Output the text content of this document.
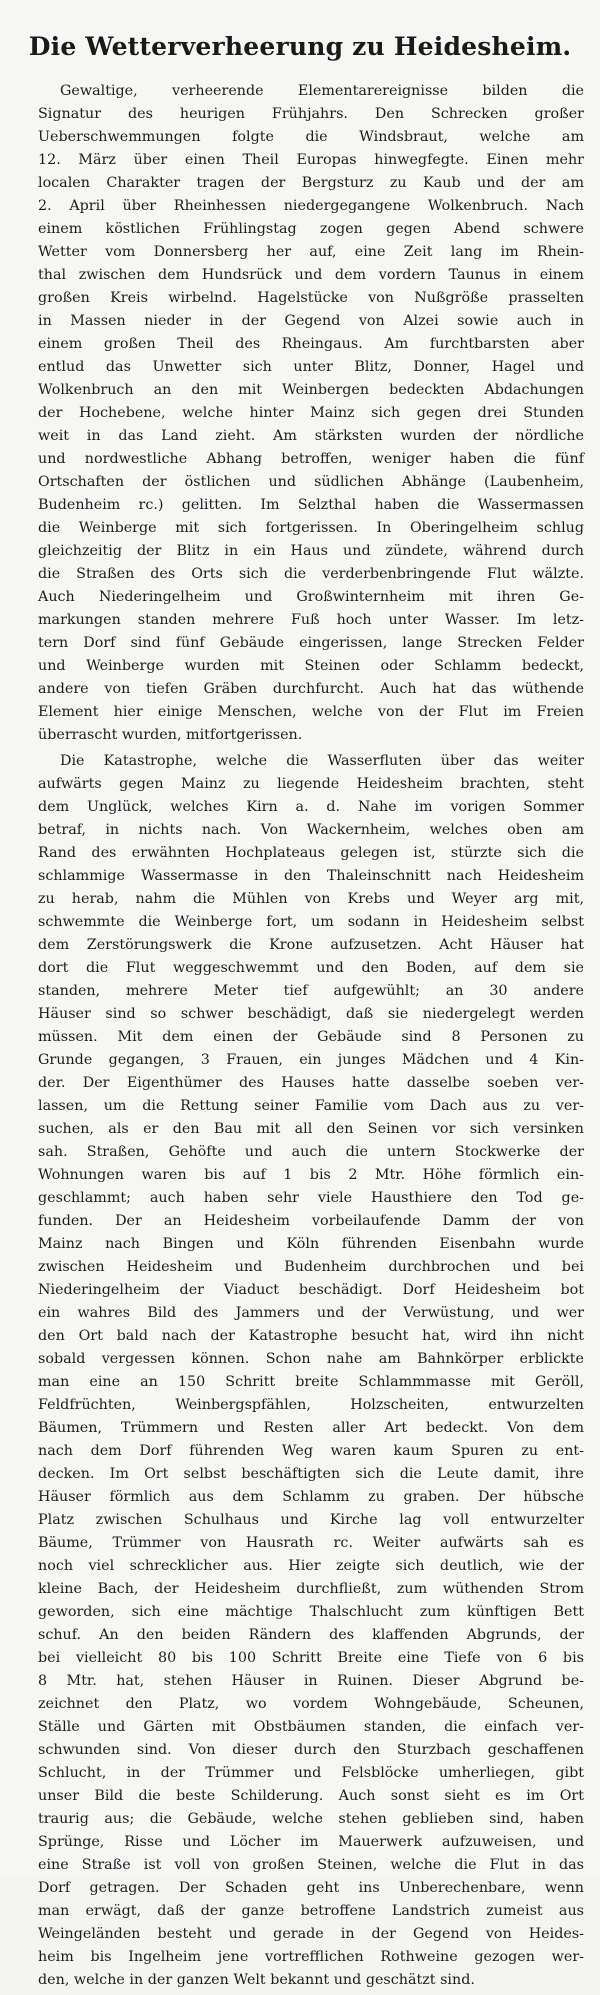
Die Wetterverheerung zu Heidesheim.
Gewaltige, verheerende Elementarereignisse bilden die
Signatur des heurigen Frühjahrs. Den Schrecken großer
Ueberschwemmungen folgte die Windsbraut, welche am
12. März über einen Theil Europas hinwegfegte. Einen mehr
localen Charakter tragen der Bergsturz zu Kaub und der am
2. April über Rheinhessen niedergegangene Wolkenbruch. Nach
einem köstlichen Frühlingstag zogen gegen Abend schwere
Wetter vom Donnersberg her auf, eine Zeit lang im Rhein-
thal zwischen dem Hundsrück und dem vordern Taunus in einem
großen Kreis wirbelnd. Hagelstücke von Nußgröße prasselten
in Massen nieder in der Gegend von Alzei sowie auch in
einem großen Theil des Rheingaus. Am furchtbarsten aber
entlud das Unwetter sich unter Blitz, Donner, Hagel und
Wolkenbruch an den mit Weinbergen bedeckten Abdachungen
der Hochebene, welche hinter Mainz sich gegen drei Stunden
weit in das Land zieht. Am stärksten wurden der nördliche
und nordwestliche Abhang betroffen, weniger haben die fünf
Ortschaften der östlichen und südlichen Abhänge (Laubenheim,
Budenheim rc.) gelitten. Im Selzthal haben die Wassermassen
die Weinberge mit sich fortgerissen. In Oberingelheim schlug
gleichzeitig der Blitz in ein Haus und zündete, während durch
die Straßen des Orts sich die verderbenbringende Flut wälzte.
Auch Niederingelheim und Großwinternheim mit ihren Ge-
markungen standen mehrere Fuß hoch unter Wasser. Im letz-
tern Dorf sind fünf Gebäude eingerissen, lange Strecken Felder
und Weinberge wurden mit Steinen oder Schlamm bedeckt,
andere von tiefen Gräben durchfurcht. Auch hat das wüthende
Element hier einige Menschen, welche von der Flut im Freien
überrascht wurden, mitfortgerissen.
Die Katastrophe, welche die Wasserfluten über das weiter
aufwärts gegen Mainz zu liegende Heidesheim brachten, steht
dem Unglück, welches Kirn a. d. Nahe im vorigen Sommer
betraf, in nichts nach. Von Wackernheim, welches oben am
Rand des erwähnten Hochplateaus gelegen ist, stürzte sich die
schlammige Wassermasse in den Thaleinschnitt nach Heidesheim
zu herab, nahm die Mühlen von Krebs und Weyer arg mit,
schwemmte die Weinberge fort, um sodann in Heidesheim selbst
dem Zerstörungswerk die Krone aufzusetzen. Acht Häuser hat
dort die Flut weggeschwemmt und den Boden, auf dem sie
standen, mehrere Meter tief aufgewühlt; an 30 andere
Häuser sind so schwer beschädigt, daß sie niedergelegt werden
müssen. Mit dem einen der Gebäude sind 8 Personen zu
Grunde gegangen, 3 Frauen, ein junges Mädchen und 4 Kin-
der. Der Eigenthümer des Hauses hatte dasselbe soeben ver-
lassen, um die Rettung seiner Familie vom Dach aus zu ver-
suchen, als er den Bau mit all den Seinen vor sich versinken
sah. Straßen, Gehöfte und auch die untern Stockwerke der
Wohnungen waren bis auf 1 bis 2 Mtr. Höhe förmlich ein-
geschlammt; auch haben sehr viele Hausthiere den Tod ge-
funden. Der an Heidesheim vorbeilaufende Damm der von
Mainz nach Bingen und Köln führenden Eisenbahn wurde
zwischen Heidesheim und Budenheim durchbrochen und bei
Niederingelheim der Viaduct beschädigt. Dorf Heidesheim bot
ein wahres Bild des Jammers und der Verwüstung, und wer
den Ort bald nach der Katastrophe besucht hat, wird ihn nicht
sobald vergessen können. Schon nahe am Bahnkörper erblickte
man eine an 150 Schritt breite Schlammmasse mit Geröll,
Feldfrüchten, Weinbergspfählen, Holzscheiten, entwurzelten
Bäumen, Trümmern und Resten aller Art bedeckt. Von dem
nach dem Dorf führenden Weg waren kaum Spuren zu ent-
decken. Im Ort selbst beschäftigten sich die Leute damit, ihre
Häuser förmlich aus dem Schlamm zu graben. Der hübsche
Platz zwischen Schulhaus und Kirche lag voll entwurzelter
Bäume, Trümmer von Hausrath rc. Weiter aufwärts sah es
noch viel schrecklicher aus. Hier zeigte sich deutlich, wie der
kleine Bach, der Heidesheim durchfließt, zum wüthenden Strom
geworden, sich eine mächtige Thalschlucht zum künftigen Bett
schuf. An den beiden Rändern des klaffenden Abgrunds, der
bei vielleicht 80 bis 100 Schritt Breite eine Tiefe von 6 bis
8 Mtr. hat, stehen Häuser in Ruinen. Dieser Abgrund be-
zeichnet den Platz, wo vordem Wohngebäude, Scheunen,
Ställe und Gärten mit Obstbäumen standen, die einfach ver-
schwunden sind. Von dieser durch den Sturzbach geschaffenen
Schlucht, in der Trümmer und Felsblöcke umherliegen, gibt
unser Bild die beste Schilderung. Auch sonst sieht es im Ort
traurig aus; die Gebäude, welche stehen geblieben sind, haben
Sprünge, Risse und Löcher im Mauerwerk aufzuweisen, und
eine Straße ist voll von großen Steinen, welche die Flut in das
Dorf getragen. Der Schaden geht ins Unberechenbare, wenn
man erwägt, daß der ganze betroffene Landstrich zumeist aus
Weingeländen besteht und gerade in der Gegend von Heides-
heim bis Ingelheim jene vortrefflichen Rothweine gezogen wer-
den, welche in der ganzen Welt bekannt und geschätzt sind.
